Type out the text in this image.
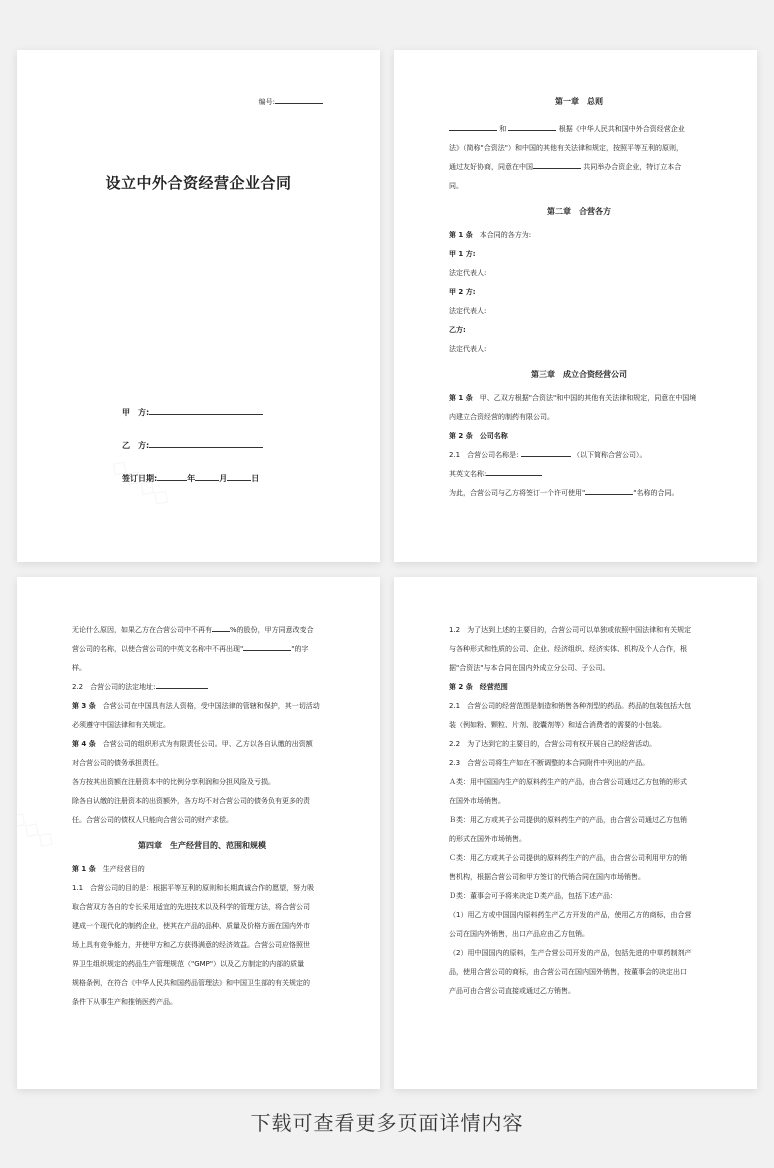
编号:
设立中外合资经营企业合同
甲　方:
乙　方:
签订日期:	年	月	日
第一章　总则
和	根据《中华人民共和国中外合资经营企业
法》（简称"合资法"）和中国的其他有关法律和规定，按照平等互利的原则，
通过友好协商，同意在中国	共同举办合资企业，特订立本合
同。
第二章　合营各方
第 1 条　 本合同的各方为:
甲 1 方:
法定代表人:
甲 2 方:
法定代表人:
乙方:
法定代表人:
第三章　成立合资经营公司
第 1 条　 甲、乙双方根据"合资法"和中国的其他有关法律和规定，同意在中国境
内建立合资经营的制药有限公司。
第 2 条　公司名称
2.1　合营公司名称是:	（以下简称合营公司）。
其英文名称:
为此，合营公司与乙方将签订一个许可使用"	"名称的合同。
无论什么原因，如果乙方在合营公司中不再有	%的股份，甲方同意改变合
营公司的名称，以使合营公司的中英文名称中不再出现"	"的字
样。
2.2　合营公司的法定地址:
第 3 条　 合营公司在中国具有法人资格，受中国法律的管辖和保护，其一切活动
必须遵守中国法律和有关规定。
第 4 条　 合营公司的组织形式为有限责任公司。甲、乙方以各自认缴的出资额
对合营公司的债务承担责任。
各方按其出资额在注册资本中的比例分享利润和分担风险及亏损。
除各自认缴的注册资本的出资额外，各方均不对合营公司的债务负有更多的责
任。合营公司的债权人只能向合营公司的财产求偿。
第四章　生产经营目的、范围和规模
第 1 条　 生产经营目的
1.1　合营公司的目的是：根据平等互利的原则和长期真诚合作的愿望，努力吸
取合营双方各自的专长采用适宜的先进技术以及科学的管理方法，将合营公司
建成一个现代化的制药企业，使其在产品的品种、质量及价格方面在国内外市
场上具有竞争能力，并使甲方和乙方获得满意的经济效益。合营公司应恪照世
界卫生组织规定的药品生产管理规范（"GMP"）以及乙方制定的内部的质量
规格条例，在符合《中华人民共和国药品管理法》和中国卫生部的有关规定的
条件下从事生产和推销医药产品。
1.2　为了达到上述的主要目的，合营公司可以单独或依照中国法律和有关规定
与各种形式和性质的公司、企业、经济组织、经济实体、机构及个人合作，根
据"合资法"与本合同在国内外成立分公司、子公司。
第 2 条　经营范围
2.1　合营公司的经营范围是制造和销售各种剂型的药品。药品的包装包括大包
装（例如粉、颗粒、片剂、胶囊剂等）和适合消费者的需要的小包装。
2.2　为了达到它的主要目的，合营公司有权开展自己的经营活动。
2.3　合营公司将生产如在不断调整的本合同附件中列出的产品。
Ａ类：用中国国内生产的原料药生产的产品，由合营公司通过乙方包销的形式
在国外市场销售。
Ｂ类：用乙方或其子公司提供的原料药生产的产品，由合营公司通过乙方包销
的形式在国外市场销售。
Ｃ类：用乙方或其子公司提供的原料药生产的产品，由合营公司利用甲方的销
售机构，根据合营公司和甲方签订的代销合同在国内市场销售。
Ｄ类：董事会可予将来决定Ｄ类产品，包括下述产品：
（1）用乙方或中国国内原料药生产乙方开发的产品，使用乙方的商标，由合营
公司在国内外销售，出口产品应由乙方包销。
（2）用中国国内的原料，生产合营公司开发的产品，包括先进的中草药制剂产
品，使用合营公司的商标，由合营公司在国内国外销售，按董事会的决定出口
产品可由合营公司直接或通过乙方销售。
下载可查看更多页面详情内容
